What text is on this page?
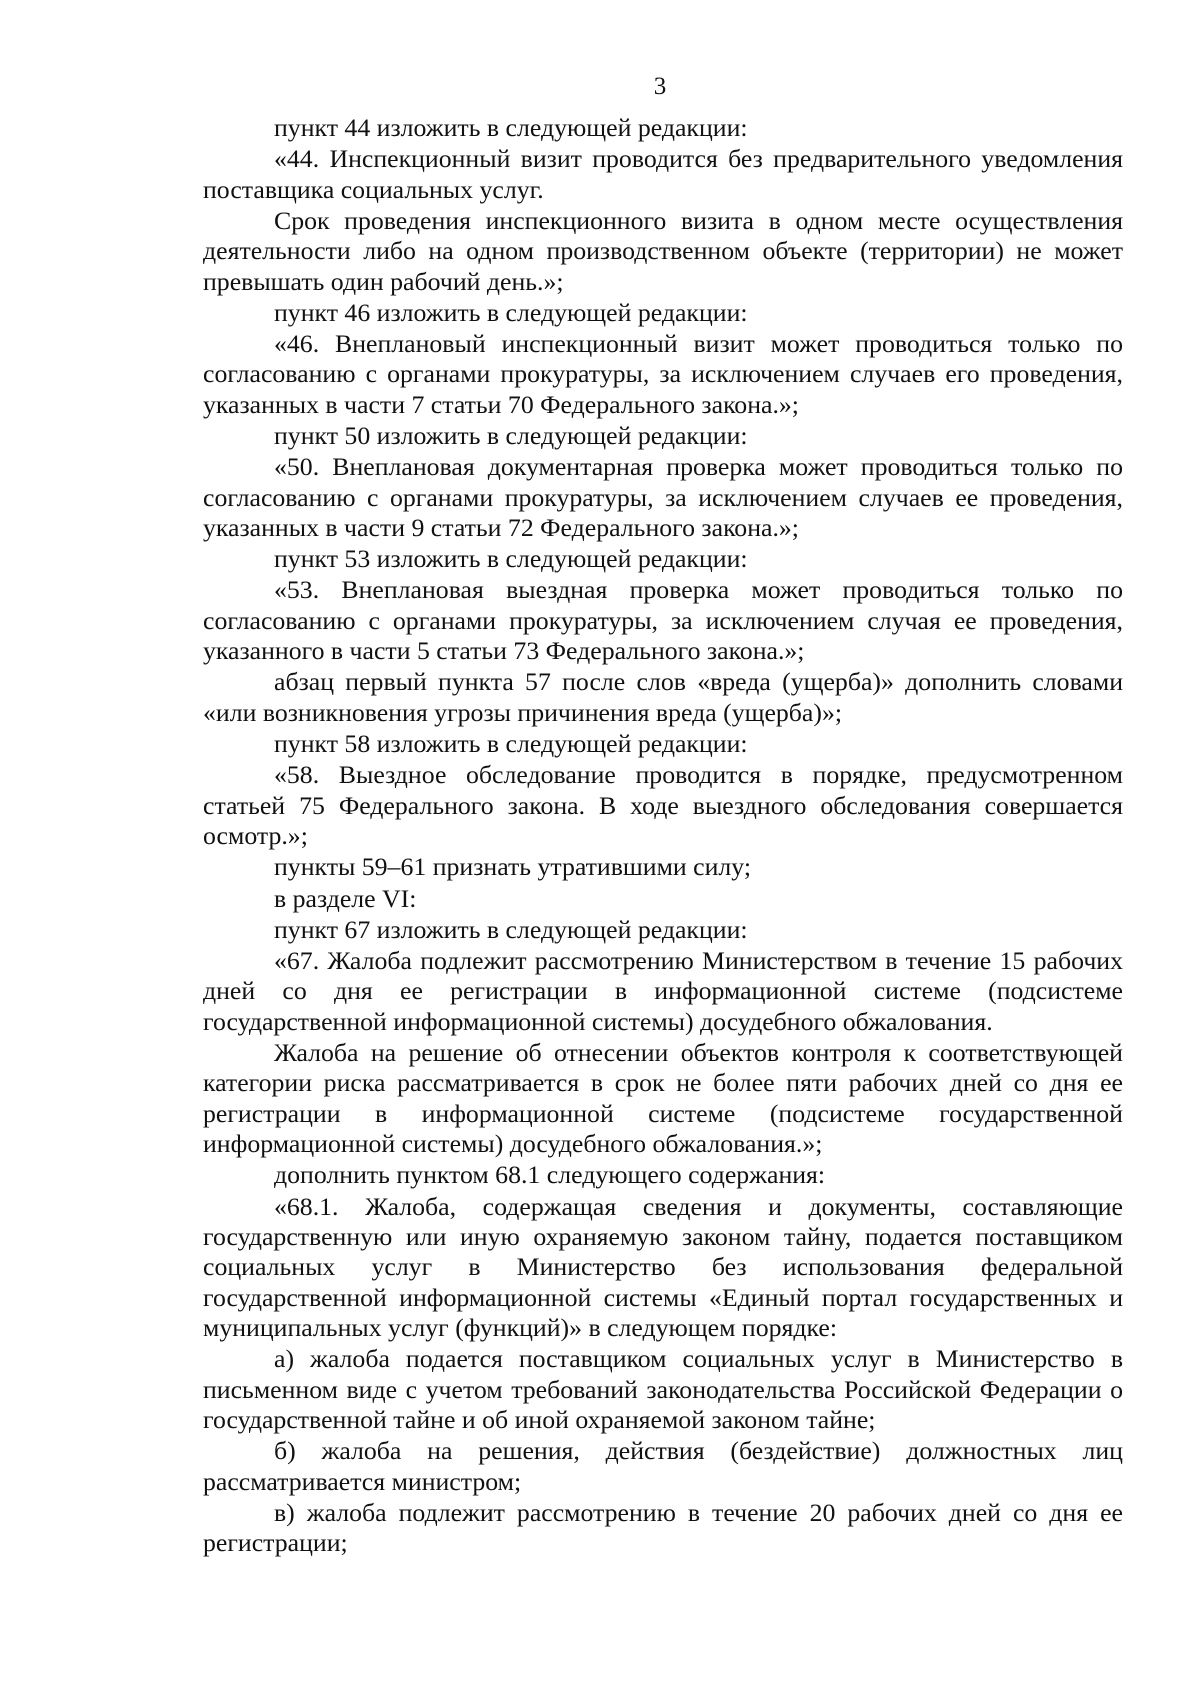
3

пункт 44 изложить в следующей редакции:

«44. Инспекционный визит проводится без предварительного уведомления поставщика социальных услуг.

Срок проведения инспекционного визита в одном месте осуществления деятельности либо на одном производственном объекте (территории) не может превышать один рабочий день.»;

пункт 46 изложить в следующей редакции:

«46. Внеплановый инспекционный визит может проводиться только по согласованию с органами прокуратуры, за исключением случаев его проведения, указанных в части 7 статьи 70 Федерального закона.»;

пункт 50 изложить в следующей редакции:

«50. Внеплановая документарная проверка может проводиться только по согласованию с органами прокуратуры, за исключением случаев ее проведения, указанных в части 9 статьи 72 Федерального закона.»;

пункт 53 изложить в следующей редакции:

«53. Внеплановая выездная проверка может проводиться только по согласованию с органами прокуратуры, за исключением случая ее проведения, указанного в части 5 статьи 73 Федерального закона.»;

абзац первый пункта 57 после слов «вреда (ущерба)» дополнить словами «или возникновения угрозы причинения вреда (ущерба)»;

пункт 58 изложить в следующей редакции:

«58. Выездное обследование проводится в порядке, предусмотренном статьей 75 Федерального закона. В ходе выездного обследования совершается осмотр.»;

пункты 59–61 признать утратившими силу;

в разделе VI:

пункт 67 изложить в следующей редакции:

«67. Жалоба подлежит рассмотрению Министерством в течение 15 рабочих дней со дня ее регистрации в информационной системе (подсистеме государственной информационной системы) досудебного обжалования.

Жалоба на решение об отнесении объектов контроля к соответствующей категории риска рассматривается в срок не более пяти рабочих дней со дня ее регистрации в информационной системе (подсистеме государственной информационной системы) досудебного обжалования.»;

дополнить пунктом 68.1 следующего содержания:

«68.1. Жалоба, содержащая сведения и документы, составляющие государственную или иную охраняемую законом тайну, подается поставщиком социальных услуг в Министерство без использования федеральной государственной информационной системы «Единый портал государственных и муниципальных услуг (функций)» в следующем порядке:

а) жалоба подается поставщиком социальных услуг в Министерство в письменном виде с учетом требований законодательства Российской Федерации о государственной тайне и об иной охраняемой законом тайне;

б) жалоба на решения, действия (бездействие) должностных лиц рассматривается министром;

в) жалоба подлежит рассмотрению в течение 20 рабочих дней со дня ее регистрации;
